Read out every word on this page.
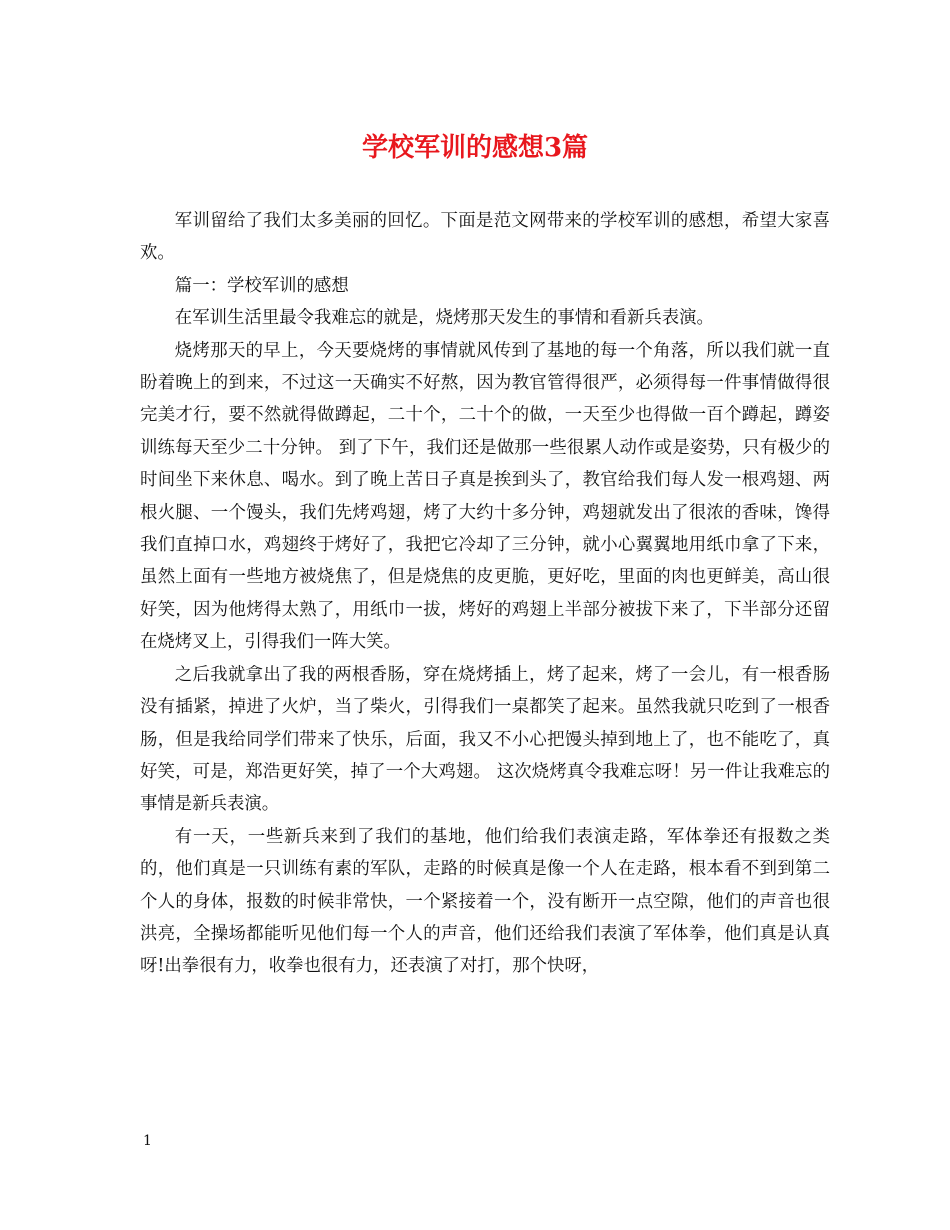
学校军训的感想3篇

军训留给了我们太多美丽的回忆。下面是范文网带来的学校军训的感想，希望大家喜欢。

篇一：学校军训的感想

在军训生活里最令我难忘的就是，烧烤那天发生的事情和看新兵表演。

烧烤那天的早上，今天要烧烤的事情就风传到了基地的每一个角落，所以我们就一直盼着晚上的到来，不过这一天确实不好熬，因为教官管得很严，必须得每一件事情做得很完美才行，要不然就得做蹲起，二十个，二十个的做，一天至少也得做一百个蹲起，蹲姿训练每天至少二十分钟。 到了下午，我们还是做那一些很累人动作或是姿势，只有极少的时间坐下来休息、喝水。到了晚上苦日子真是挨到头了，教官给我们每人发一根鸡翅、两根火腿、一个馒头，我们先烤鸡翅，烤了大约十多分钟，鸡翅就发出了很浓的香味，馋得我们直掉口水，鸡翅终于烤好了，我把它冷却了三分钟，就小心翼翼地用纸巾拿了下来，虽然上面有一些地方被烧焦了，但是烧焦的皮更脆，更好吃，里面的肉也更鲜美，高山很好笑，因为他烤得太熟了，用纸巾一拔，烤好的鸡翅上半部分被拔下来了，下半部分还留在烧烤叉上，引得我们一阵大笑。

之后我就拿出了我的两根香肠，穿在烧烤插上，烤了起来，烤了一会儿，有一根香肠没有插紧，掉进了火炉，当了柴火，引得我们一桌都笑了起来。虽然我就只吃到了一根香肠，但是我给同学们带来了快乐，后面，我又不小心把馒头掉到地上了，也不能吃了，真好笑，可是，郑浩更好笑，掉了一个大鸡翅。 这次烧烤真令我难忘呀！另一件让我难忘的事情是新兵表演。

有一天，一些新兵来到了我们的基地，他们给我们表演走路，军体拳还有报数之类的，他们真是一只训练有素的军队，走路的时候真是像一个人在走路，根本看不到到第二个人的身体，报数的时候非常快，一个紧接着一个，没有断开一点空隙，他们的声音也很洪亮，全操场都能听见他们每一个人的声音，他们还给我们表演了军体拳，他们真是认真呀!出拳很有力，收拳也很有力，还表演了对打，那个快呀，

1
